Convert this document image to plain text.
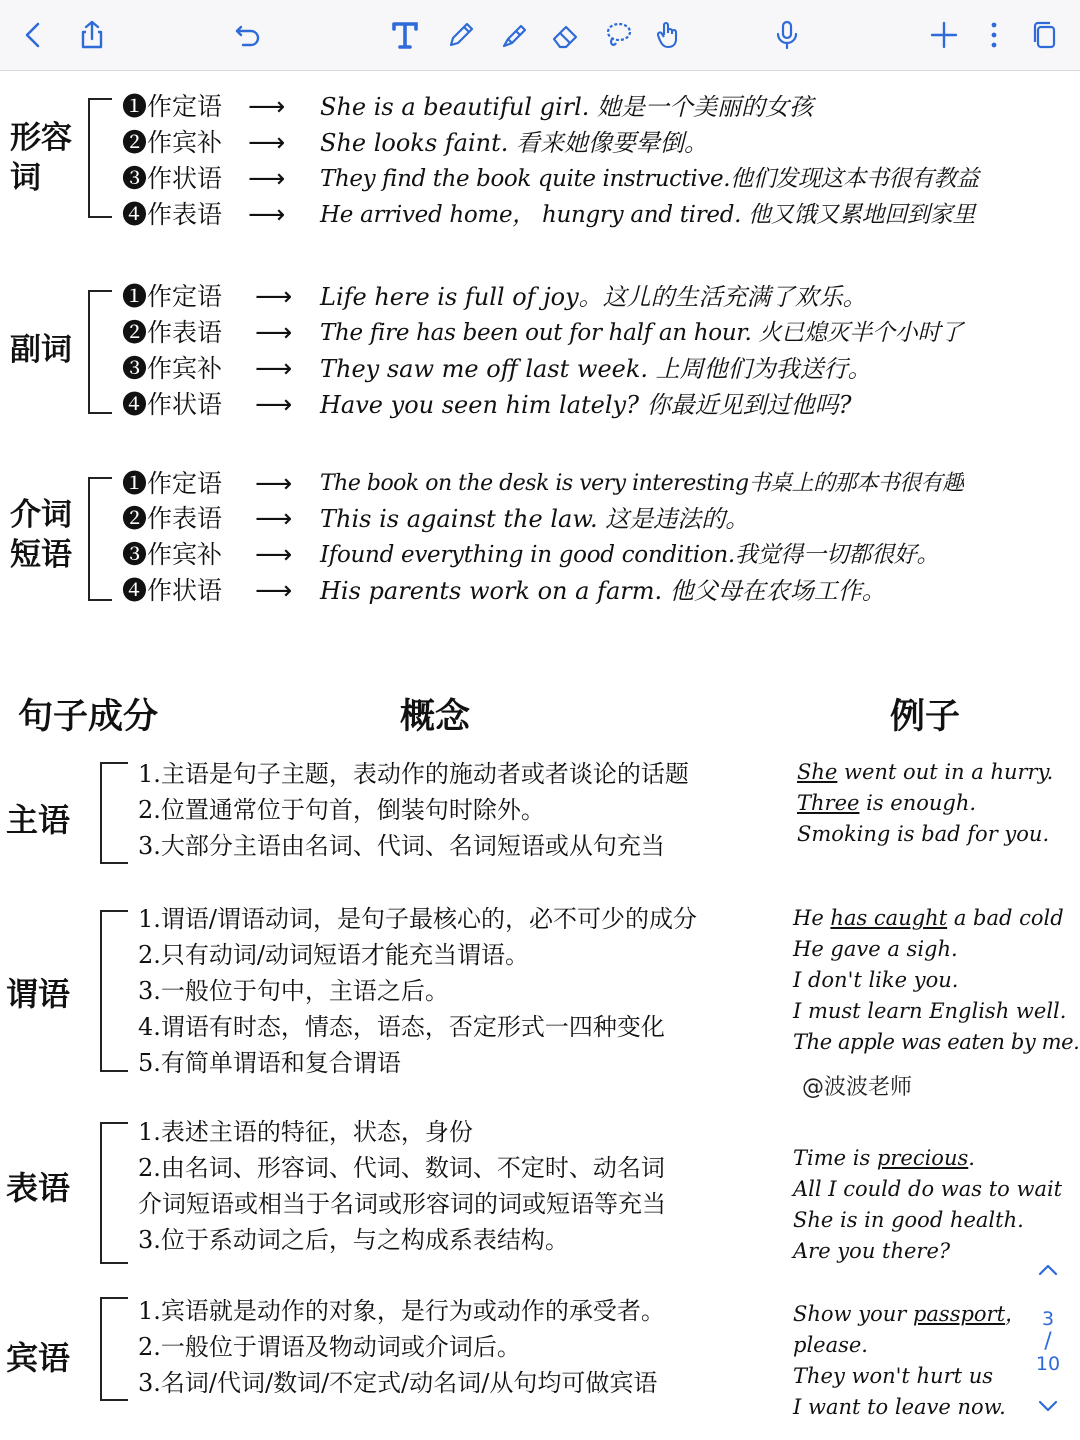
形容
词
❶作定语
❷作宾补
❸作状语
❹作表语
⟶
⟶
⟶
⟶
She is a beautiful girl. 她是一个美丽的女孩
She looks faint. 看来她像要晕倒。
They find the book quite instructive.他们发现这本书很有教益
He arrived home， hungry and tired. 他又饿又累地回到家里
副词
❶作定语
❷作表语
❸作宾补
❹作状语
⟶
⟶
⟶
⟶
Life here is full of joy。这儿的生活充满了欢乐。
The fire has been out for half an hour. 火已熄灭半个小时了
They saw me off last week. 上周他们为我送行。
Have you seen him lately? 你最近见到过他吗?
介词
短语
❶作定语
❷作表语
❸作宾补
❹作状语
⟶
⟶
⟶
⟶
The book on the desk is very interesting书桌上的那本书很有趣
This is against the law. 这是违法的。
Ifound everything in good condition.我觉得一切都很好。
His parents work on a farm. 他父母在农场工作。
句子成分	概念	例子
主语
1.主语是句子主题，表动作的施动者或者谈论的话题
2.位置通常位于句首，倒装句时除外。
3.大部分主语由名词、代词、名词短语或从句充当
She went out in a hurry.
Three is enough.
Smoking is bad for you.
谓语
1.谓语/谓语动词，是句子最核心的，必不可少的成分
2.只有动词/动词短语才能充当谓语。
3.一般位于句中，主语之后。
4.谓语有时态，情态，语态，否定形式一四种变化
5.有简单谓语和复合谓语
He has caught a bad cold
He gave a sigh.
I don't like you.
I must learn English well.
The apple was eaten by me.
@波波老师
表语
1.表述主语的特征，状态，身份
2.由名词、形容词、代词、数词、不定时、动名词
介词短语或相当于名词或形容词的词或短语等充当
3.位于系动词之后，与之构成系表结构。
Time is precious.
All I could do was to wait
She is in good health.
Are you there?
宾语
1.宾语就是动作的对象，是行为或动作的承受者。
2.一般位于谓语及物动词或介词后。
3.名词/代词/数词/不定式/动名词/从句均可做宾语
Show your passport，
please.
They won't hurt us
I want to leave now.
3
/
10
